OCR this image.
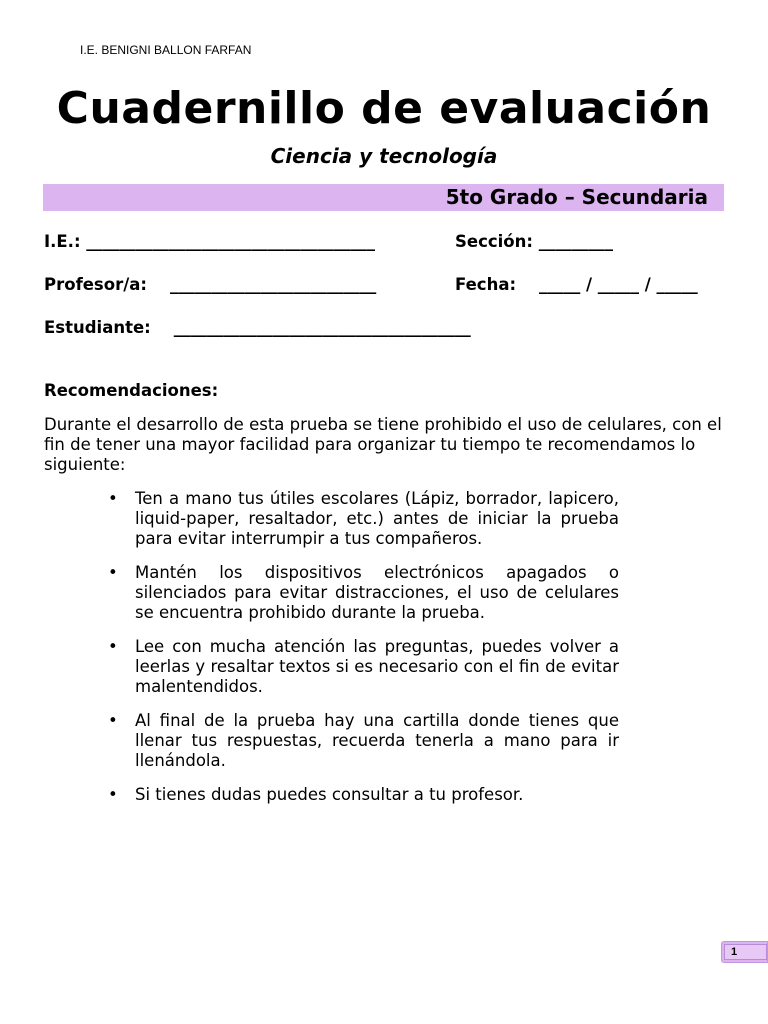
I.E. BENIGNI BALLON FARFAN
Cuadernillo de evaluación
Ciencia y tecnología
5to Grado – Secundaria
I.E.: ___________________________________	Sección: _________
Profesor/a:    _________________________	Fecha:    _____ / _____ / _____
Estudiante:    ____________________________________
Recomendaciones:
Durante el desarrollo de esta prueba se tiene prohibido el uso de celulares, con el fin de tener una mayor facilidad para organizar tu tiempo te recomendamos lo siguiente:
• Ten a mano tus útiles escolares (Lápiz, borrador, lapicero, liquid-paper, resaltador, etc.) antes de iniciar la prueba para evitar interrumpir a tus compañeros.
• Mantén los dispositivos electrónicos apagados o silenciados para evitar distracciones, el uso de celulares se encuentra prohibido durante la prueba.
• Lee con mucha atención las preguntas, puedes volver a leerlas y resaltar textos si es necesario con el fin de evitar malentendidos.
• Al final de la prueba hay una cartilla donde tienes que llenar tus respuestas, recuerda tenerla a mano para ir llenándola.
• Si tienes dudas puedes consultar a tu profesor.
1
